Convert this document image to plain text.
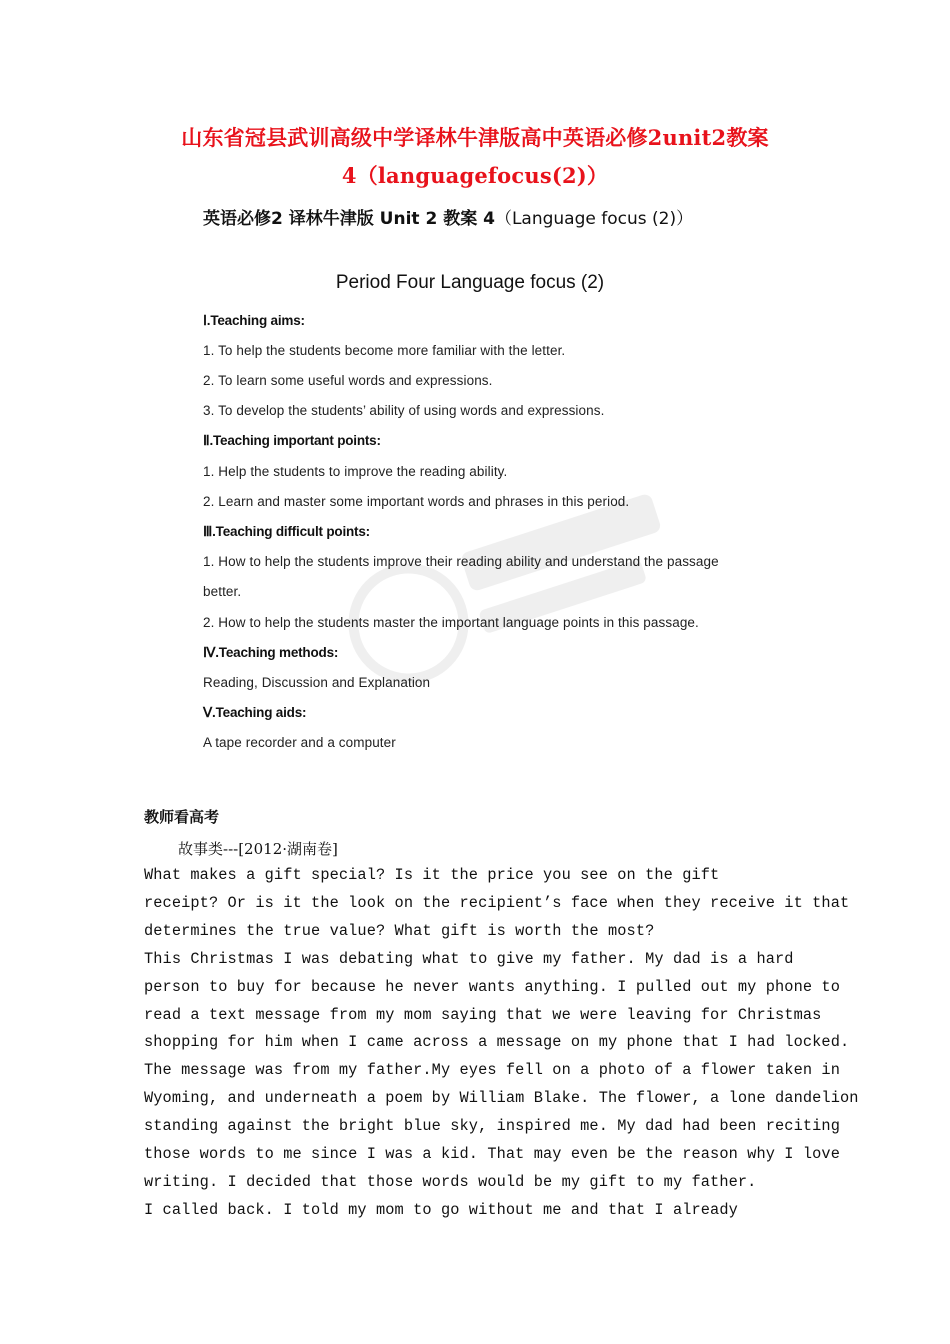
山东省冠县武训高级中学译林牛津版高中英语必修2unit2教案
4（languagefocus(2)）
英语必修2 译林牛津版 Unit 2 教案 4（Language focus (2)）
Period Four Language focus (2)
Ⅰ.Teaching aims:
1. To help the students become more familiar with the letter.
2. To learn some useful words and expressions.
3. To develop the students’ ability of using words and expressions.
Ⅱ.Teaching important points:
1. Help the students to improve the reading ability.
2. Learn and master some important words and phrases in this period.
Ⅲ.Teaching difficult points:
1. How to help the students improve their reading ability and understand the passage
better.
2. How to help the students master the important language points in this passage.
Ⅳ.Teaching methods:
Reading, Discussion and Explanation
Ⅴ.Teaching aids:
A tape recorder and a computer
教师看高考
故事类---[2012·湖南卷]
What makes a gift special? Is it the price you see on the gift
receipt? Or is it the look on the recipient’s face when they receive it that
determines the true value? What gift is worth the most?
This Christmas I was debating what to give my father. My dad is a hard
person to buy for because he never wants anything. I pulled out my phone to
read a text message from my mom saying that we were leaving for Christmas
shopping for him when I came across a message on my phone that I had locked.
The message was from my father.My eyes fell on a photo of a flower taken in
Wyoming, and underneath a poem by William Blake. The flower, a lone dandelion
standing against the bright blue sky, inspired me. My dad had been reciting
those words to me since I was a kid. That may even be the reason why I love
writing. I decided that those words would be my gift to my father.
I called back. I told my mom to go without me and that I already
